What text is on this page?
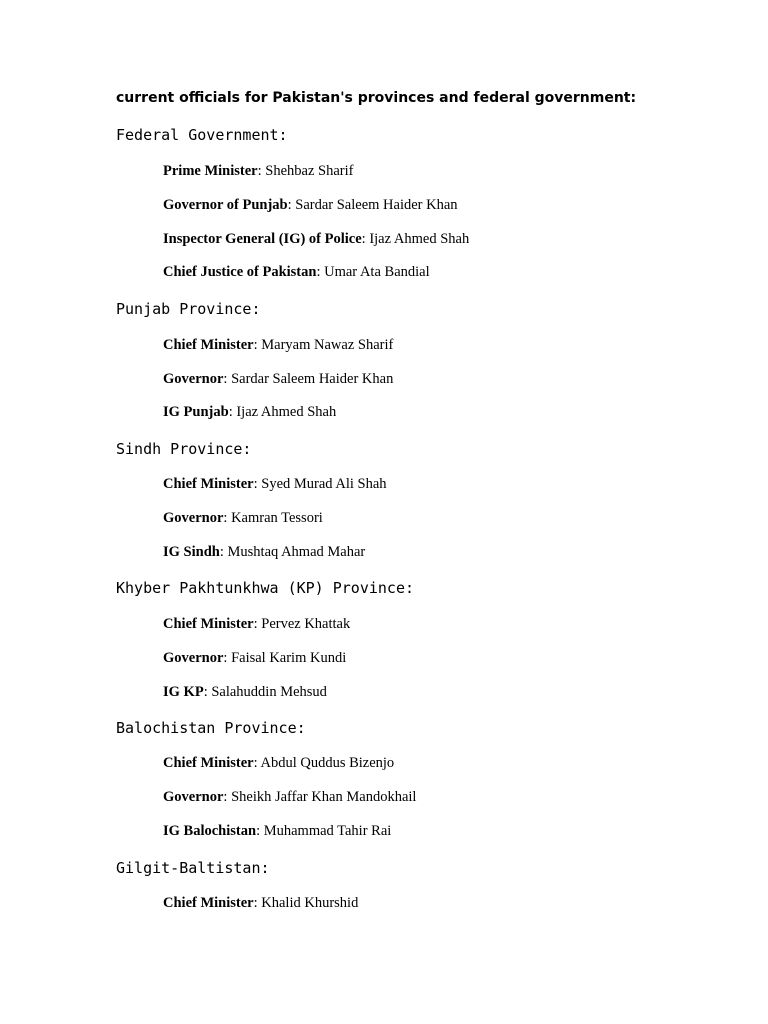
current officials for Pakistan's provinces and federal government:
Federal Government:
Prime Minister: Shehbaz Sharif
Governor of Punjab: Sardar Saleem Haider Khan
Inspector General (IG) of Police: Ijaz Ahmed Shah
Chief Justice of Pakistan: Umar Ata Bandial
Punjab Province:
Chief Minister: Maryam Nawaz Sharif
Governor: Sardar Saleem Haider Khan
IG Punjab: Ijaz Ahmed Shah
Sindh Province:
Chief Minister: Syed Murad Ali Shah
Governor: Kamran Tessori
IG Sindh: Mushtaq Ahmad Mahar
Khyber Pakhtunkhwa (KP) Province:
Chief Minister: Pervez Khattak
Governor: Faisal Karim Kundi
IG KP: Salahuddin Mehsud
Balochistan Province:
Chief Minister: Abdul Quddus Bizenjo
Governor: Sheikh Jaffar Khan Mandokhail
IG Balochistan: Muhammad Tahir Rai
Gilgit-Baltistan:
Chief Minister: Khalid Khurshid
